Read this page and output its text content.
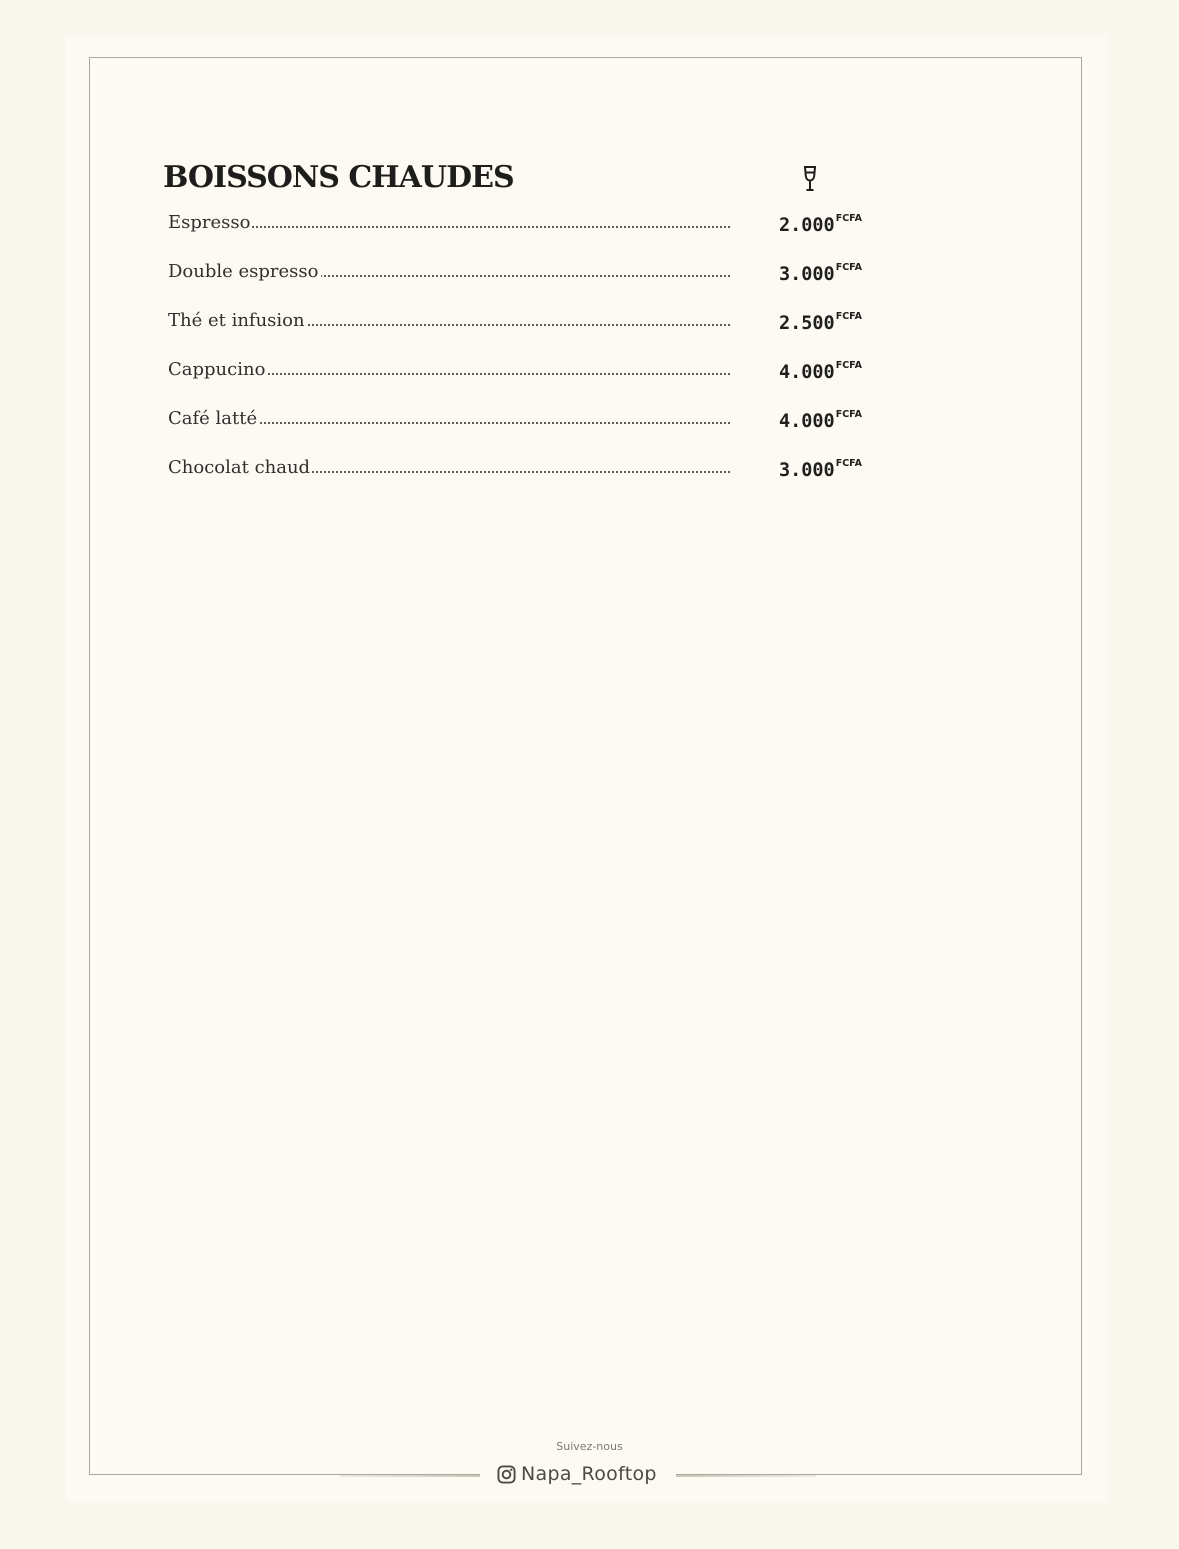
BOISSONS CHAUDES
Espresso	$2.000^{FCFA}$
Double espresso	$3.000^{FCFA}$
Thé et infusion	$2.500^{FCFA}$
Cappucino	$4.000^{FCFA}$
Café latté	$4.000^{FCFA}$
Chocolat chaud	$3.000^{FCFA}$
Suivez-nous
Napa_Rooftop
